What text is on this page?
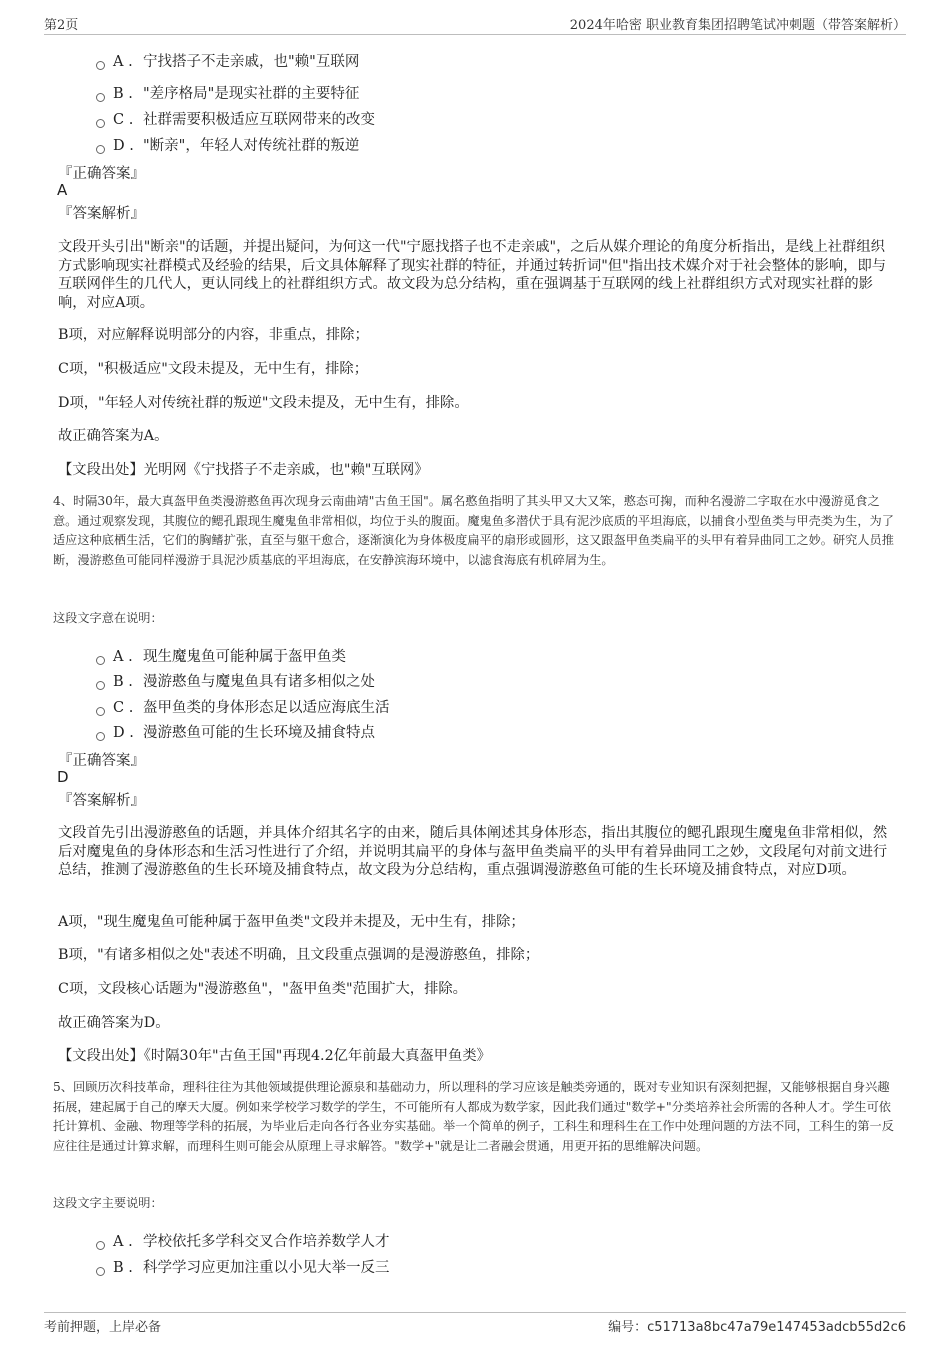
第2页	2024年哈密 职业教育集团招聘笔试冲刺题（带答案解析）
A . 宁找搭子不走亲戚，也"赖"互联网
B . "差序格局"是现实社群的主要特征
C . 社群需要积极适应互联网带来的改变
D . "断亲"，年轻人对传统社群的叛逆
『正确答案』
A
『答案解析』
文段开头引出"断亲"的话题，并提出疑问，为何这一代"宁愿找搭子也不走亲戚"，之后从媒介理论的角度分析指出，是线上社群组织方式影响现实社群模式及经验的结果，后文具体解释了现实社群的特征，并通过转折词"但"指出技术媒介对于社会整体的影响，即与互联网伴生的几代人，更认同线上的社群组织方式。故文段为总分结构，重在强调基于互联网的线上社群组织方式对现实社群的影响，对应A项。
B项，对应解释说明部分的内容，非重点，排除；
C项，"积极适应"文段未提及，无中生有，排除；
D项，"年轻人对传统社群的叛逆"文段未提及，无中生有，排除。
故正确答案为A。
【文段出处】光明网《宁找搭子不走亲戚，也"赖"互联网》
4、时隔30年，最大真盔甲鱼类漫游憨鱼再次现身云南曲靖"古鱼王国"。属名憨鱼指明了其头甲又大又笨，憨态可掬，而种名漫游二字取在水中漫游觅食之意。通过观察发现，其腹位的鳃孔跟现生魔鬼鱼非常相似，均位于头的腹面。魔鬼鱼多潜伏于具有泥沙底质的平坦海底，以捕食小型鱼类与甲壳类为生，为了适应这种底栖生活，它们的胸鳍扩张，直至与躯干愈合，逐渐演化为身体极度扁平的扇形或圆形，这又跟盔甲鱼类扁平的头甲有着异曲同工之妙。研究人员推断，漫游憨鱼可能同样漫游于具泥沙质基底的平坦海底，在安静滨海环境中，以滤食海底有机碎屑为生。
这段文字意在说明：
A . 现生魔鬼鱼可能种属于盔甲鱼类
B . 漫游憨鱼与魔鬼鱼具有诸多相似之处
C . 盔甲鱼类的身体形态足以适应海底生活
D . 漫游憨鱼可能的生长环境及捕食特点
『正确答案』
D
『答案解析』
文段首先引出漫游憨鱼的话题，并具体介绍其名字的由来，随后具体阐述其身体形态，指出其腹位的鳃孔跟现生魔鬼鱼非常相似，然后对魔鬼鱼的身体形态和生活习性进行了介绍，并说明其扁平的身体与盔甲鱼类扁平的头甲有着异曲同工之妙，文段尾句对前文进行总结，推测了漫游憨鱼的生长环境及捕食特点，故文段为分总结构，重点强调漫游憨鱼可能的生长环境及捕食特点，对应D项。
A项，"现生魔鬼鱼可能种属于盔甲鱼类"文段并未提及，无中生有，排除；
B项，"有诸多相似之处"表述不明确，且文段重点强调的是漫游憨鱼，排除；
C项，文段核心话题为"漫游憨鱼"，"盔甲鱼类"范围扩大，排除。
故正确答案为D。
【文段出处】《时隔30年"古鱼王国"再现4.2亿年前最大真盔甲鱼类》
5、回顾历次科技革命，理科往往为其他领域提供理论源泉和基础动力，所以理科的学习应该是触类旁通的，既对专业知识有深刻把握，又能够根据自身兴趣拓展，建起属于自己的摩天大厦。例如来学校学习数学的学生，不可能所有人都成为数学家，因此我们通过"数学+"分类培养社会所需的各种人才。学生可依托计算机、金融、物理等学科的拓展，为毕业后走向各行各业夯实基础。举一个简单的例子，工科生和理科生在工作中处理问题的方法不同，工科生的第一反应往往是通过计算求解，而理科生则可能会从原理上寻求解答。"数学+"就是让二者融会贯通，用更开拓的思维解决问题。
这段文字主要说明：
A . 学校依托多学科交叉合作培养数学人才
B . 科学学习应更加注重以小见大举一反三
考前押题，上岸必备	编号：c51713a8bc47a79e147453adcb55d2c6
